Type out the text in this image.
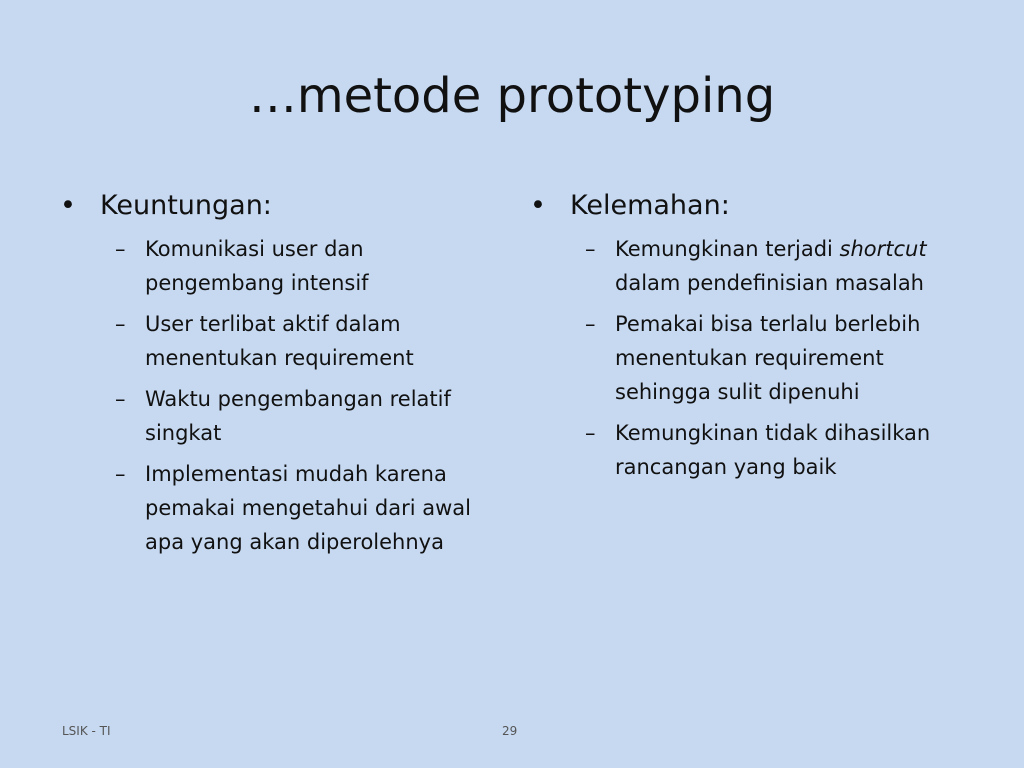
…metode prototyping
• Keuntungan:
– Komunikasi user dan pengembang intensif
– User terlibat aktif dalam menentukan requirement
– Waktu pengembangan relatif singkat
– Implementasi mudah karena pemakai mengetahui dari awal apa yang akan diperolehnya
• Kelemahan:
– Kemungkinan terjadi shortcut dalam pendefinisian masalah
– Pemakai bisa terlalu berlebih menentukan requirement sehingga sulit dipenuhi
– Kemungkinan tidak dihasilkan rancangan yang baik
LSIK - TI	29
